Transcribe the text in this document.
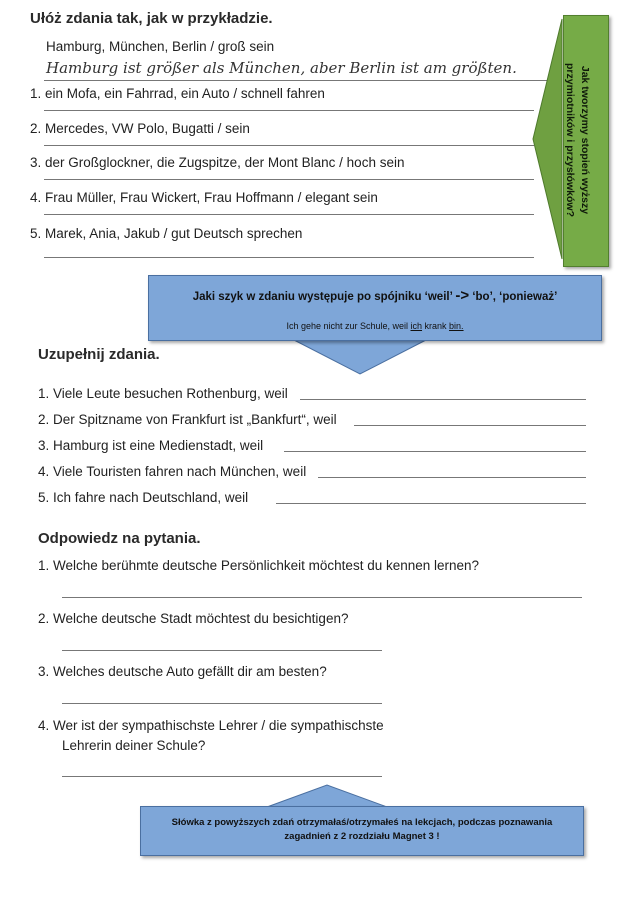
Ułóż zdania tak, jak w przykładzie.
Hamburg, München, Berlin / groß sein
Hamburg ist größer als München, aber Berlin ist am größten.
1. ein Mofa, ein Fahrrad, ein Auto / schnell fahren
2. Mercedes, VW Polo, Bugatti / sein
3. der Großglockner, die Zugspitze, der Mont Blanc / hoch sein
4. Frau Müller, Frau Wickert, Frau Hoffmann / elegant sein
5. Marek, Ania, Jakub / gut Deutsch sprechen
Jak tworzymy stopień wyższy
przymiotników i przysłówków?
Jaki szyk w zdaniu występuje po spójniku ‘weil’ -> ‘bo’, ‘ponieważ’
Ich gehe nicht zur Schule, weil ich krank bin.
Uzupełnij zdania.
1. Viele Leute besuchen Rothenburg, weil
2. Der Spitzname von Frankfurt ist „Bankfurt“, weil
3. Hamburg ist eine Medienstadt, weil
4. Viele Touristen fahren nach München, weil
5. Ich fahre nach Deutschland, weil
Odpowiedz na pytania.
1. Welche berühmte deutsche Persönlichkeit möchtest du kennen lernen?
2. Welche deutsche Stadt möchtest du besichtigen?
3. Welches deutsche Auto gefällt dir am besten?
4. Wer ist der sympathischste Lehrer / die sympathischste
Lehrerin deiner Schule?
Słówka z powyższych zdań otrzymałaś/otrzymałeś na lekcjach, podczas poznawania
zagadnień z 2 rozdziału Magnet 3 !
